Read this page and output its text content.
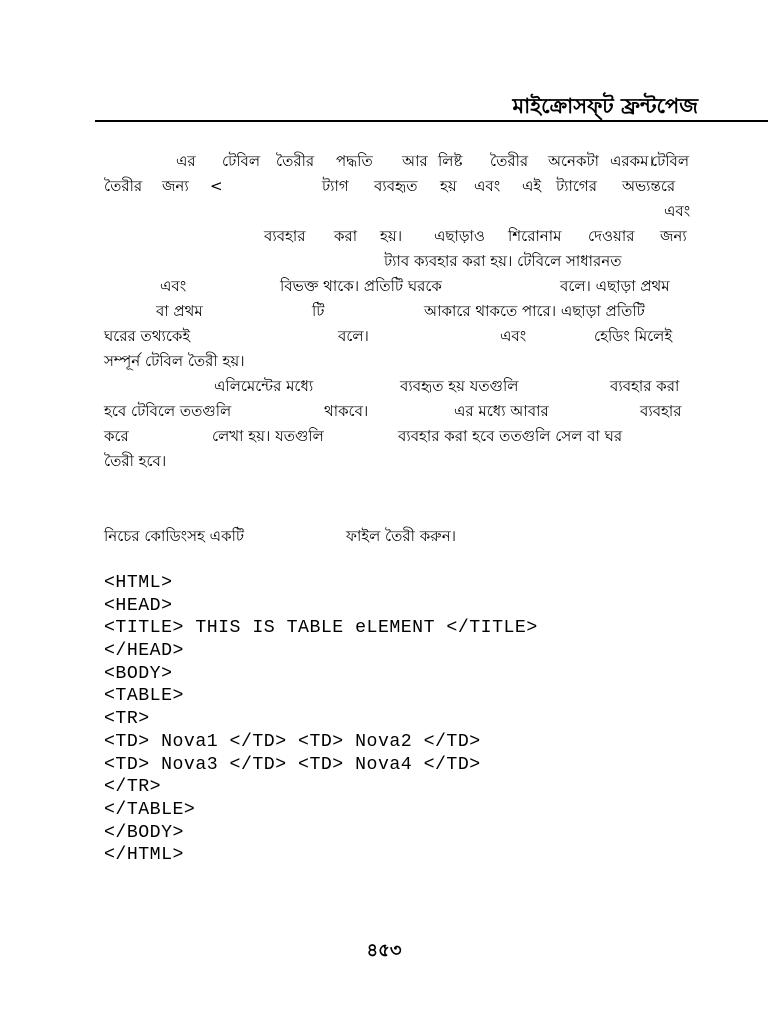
মাইক্রোসফ্‌ট ফ্রন্টপেজ
এর টেবিল তৈরীর পদ্ধতি আর লিষ্ট তৈরীর অনেকটা এরকম।
টেবিল
তৈরীর জন্য <	ট্যাগ ব্যবহৃত হয় এবং এই ট্যাগের অভ্যন্তরে
এবং
ব্যবহার করা হয়। এছাড়াও শিরোনাম দেওয়ার জন্য
ট্যাব ক্যবহার করা হয়। টেবিলে সাধারনত
এবং	বিভক্ত থাকে। প্রতিটি ঘরকে	বলে। এছাড়া প্রথম
বা প্রথম	টি	আকারে থাকতে পারে। এছাড়া প্রতিটি
ঘরের তথ্যকেই	বলে।	এবং	হেডিং মিলেই
সম্পূর্ন টেবিল তৈরী হয়।
এলিমেন্টের মধ্যে	ব্যবহৃত হয় যতগুলি	ব্যবহার করা
হবে টেবিলে ততগুলি	থাকবে।	এর মধ্যে আবার	ব্যবহার
করে	লেখা হয়। যতগুলি	ব্যবহার করা হবে ততগুলি সেল বা ঘর
তৈরী হবে।
নিচের কোডিংসহ একটি	ফাইল তৈরী করুন।
<HTML>
<HEAD>
<TITLE> THIS IS TABLE eLEMENT </TITLE>
</HEAD>
<BODY>
<TABLE>
<TR>
<TD> Nova1 </TD> <TD> Nova2 </TD>
<TD> Nova3 </TD> <TD> Nova4 </TD>
</TR>
</TABLE>
</BODY>
</HTML>
৪৫৩
